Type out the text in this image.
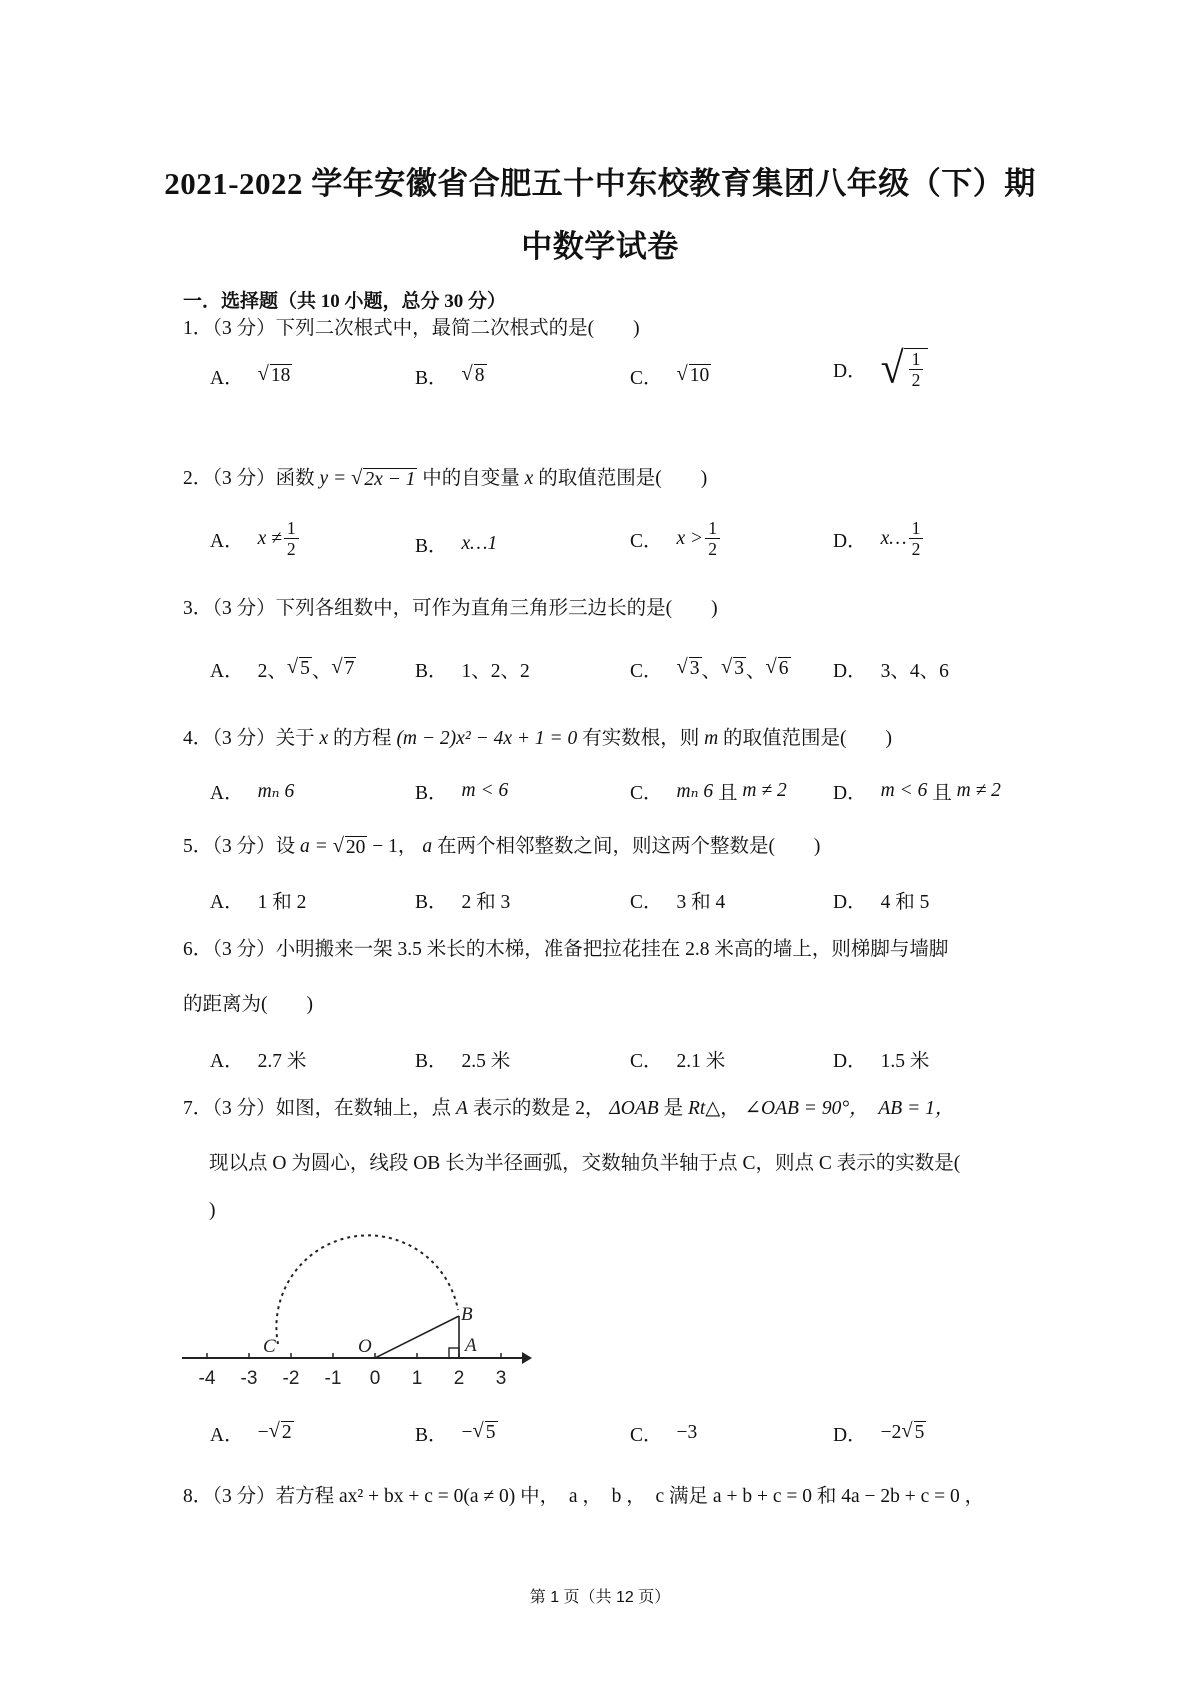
2021-2022 学年安徽省合肥五十中东校教育集团八年级（下）期
中数学试卷
一．选择题（共 10 小题，总分 30 分）
1．（3 分）下列二次根式中，最简二次根式的是(　　)
A． √ 18	B． √ 8	C． √ 10	D． √ $\frac{1}{2}$
2．（3 分）函数 y = √ 2x − 1 中的自变量 x 的取值范围是(　　)
A． $x \ne \frac{1}{2}$	B． x…1	C． $x > \frac{1}{2}$	D． x… $\frac{1}{2}$
3．（3 分）下列各组数中，可作为直角三角形三边长的是(　　)
A． 2、 √ 5 、 √ 7	B． 1、2、2	C． √ 3 、 √ 3 、 √ 6 D． 3、4、6
4．（3 分）关于 x 的方程 (m − 2)x² − 4x + 1 = 0 有实数根，则 m 的取值范围是(　　)
A． mₙ 6	B． m < 6	C． mₙ 6
且
m ≠ 2 D． m < 6
且
m ≠ 2
5．（3 分）设 a = √ 20 − 1， a 在两个相邻整数之间，则这两个整数是(　　)
A． 1 和 2	B． 2 和 3	C． 3 和 4	D． 4 和 5
6．（3 分）小明搬来一架 3.5 米长的木梯，准备把拉花挂在 2.8 米高的墙上，则梯脚与墙脚
的距离为(　　)
A． 2.7 米	B． 2.5 米	C． 2.1 米	D． 1.5 米
7．（3 分）如图，在数轴上，点 A 表示的数是 2， ΔOAB 是 Rt△， ∠OAB = 90°，　AB = 1，
现以点 O 为圆心，线段 OB 长为半径画弧，交数轴负半轴于点 C，则点 C 表示的实数是(
)
-4 -3 -2 -1 0 1 2 3
C	O
B
A
A． − √ 2	B． − √ 5	C． −3	D． −2 √ 5
8．（3 分）若方程 ax² + bx + c = 0(a ≠ 0) 中，　a ，　b ，　c 满足 a + b + c = 0 和 4a − 2b + c = 0 ，
第 1 页（共 12 页）
